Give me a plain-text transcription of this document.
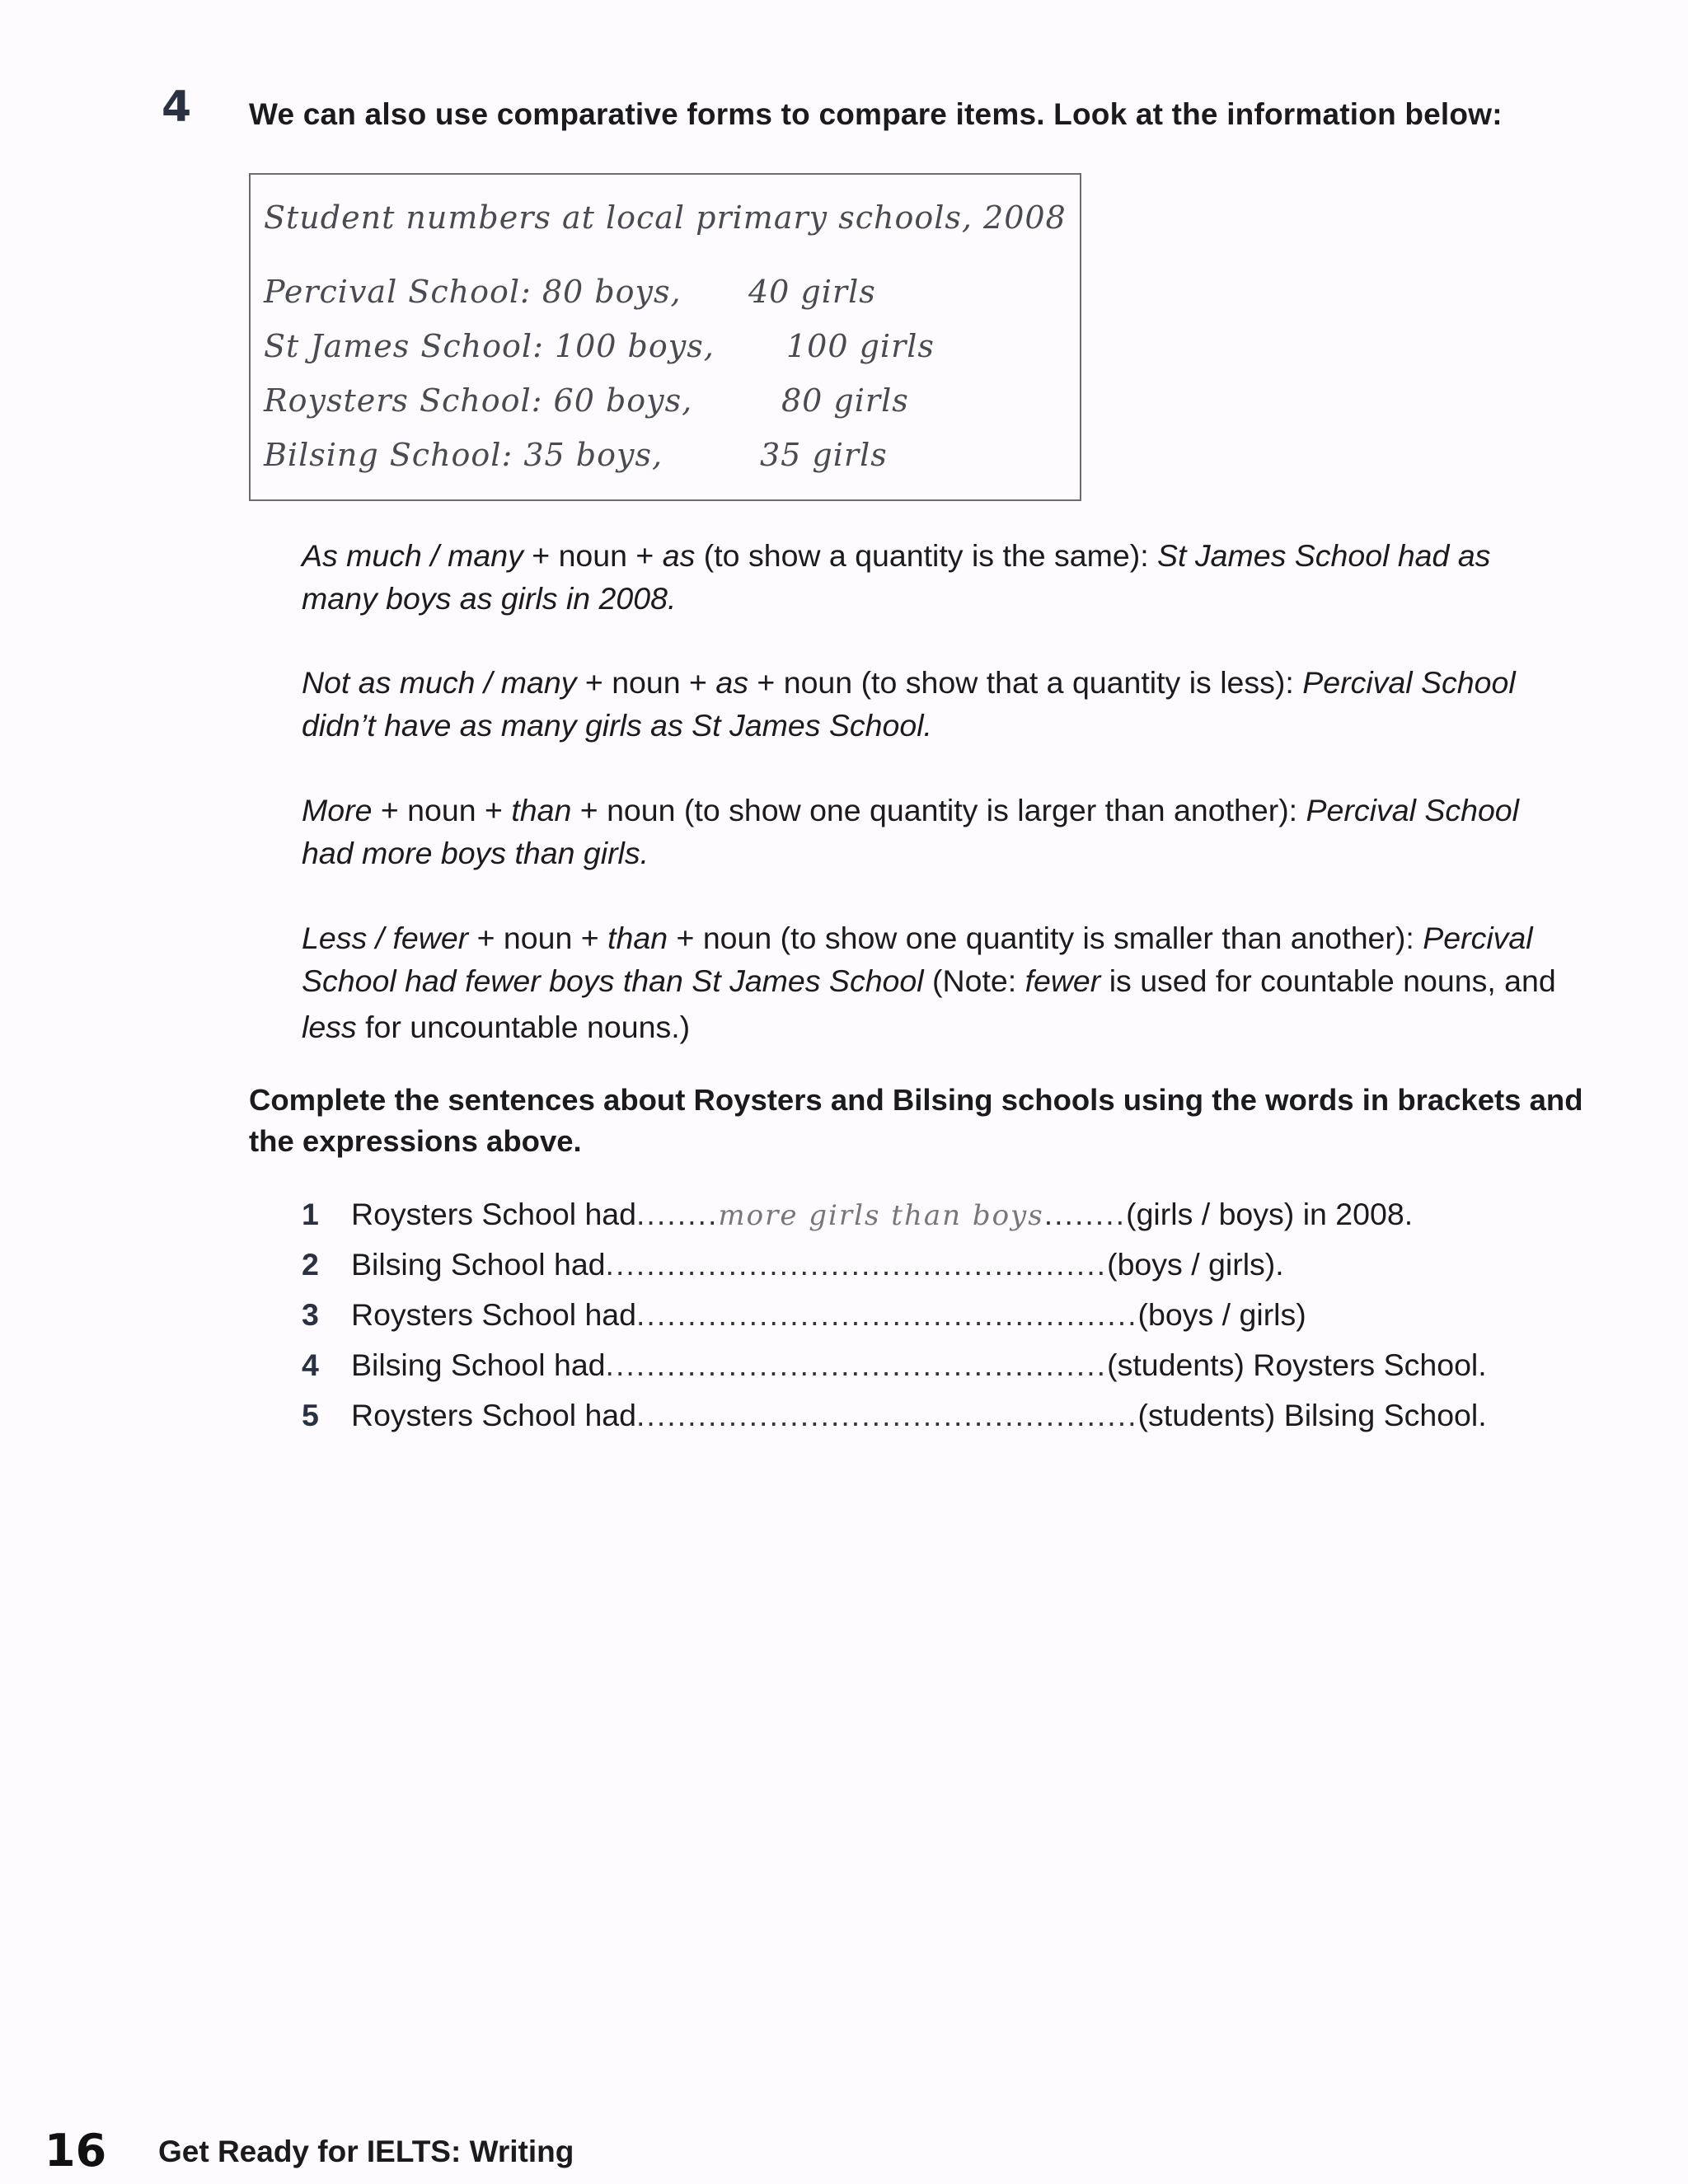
4 We can also use comparative forms to compare items. Look at the information below:
Student numbers at local primary schools, 2008
Percival School: 80 boys, 40 girls
St James School: 100 boys, 100 girls
Roysters School: 60 boys,	80 girls
Bilsing School: 35 boys,	35 girls
As much / many + noun + as (to show a quantity is the same): St James School had as
many boys as girls in 2008.
Not as much / many + noun + as + noun (to show that a quantity is less): Percival School
didn’t have as many girls as St James School.
More + noun + than + noun (to show one quantity is larger than another): Percival School
had more boys than girls.
Less / fewer + noun + than + noun (to show one quantity is smaller than another): Percival
School had fewer boys than St James School (Note: fewer is used for countable nouns, and
less for uncountable nouns.)
Complete the sentences about Roysters and Bilsing schools using the words in brackets and
the expressions above.
1	Roysters School had ........more girls than boys........ (girls / boys) in 2008.
2	Bilsing School had ................................................. (boys / girls).
3	Roysters School had ................................................. (boys / girls)
4	Bilsing School had ................................................. (students) Roysters School.
5	Roysters School had ................................................. (students) Bilsing School.
16 Get Ready for IELTS: Writing
